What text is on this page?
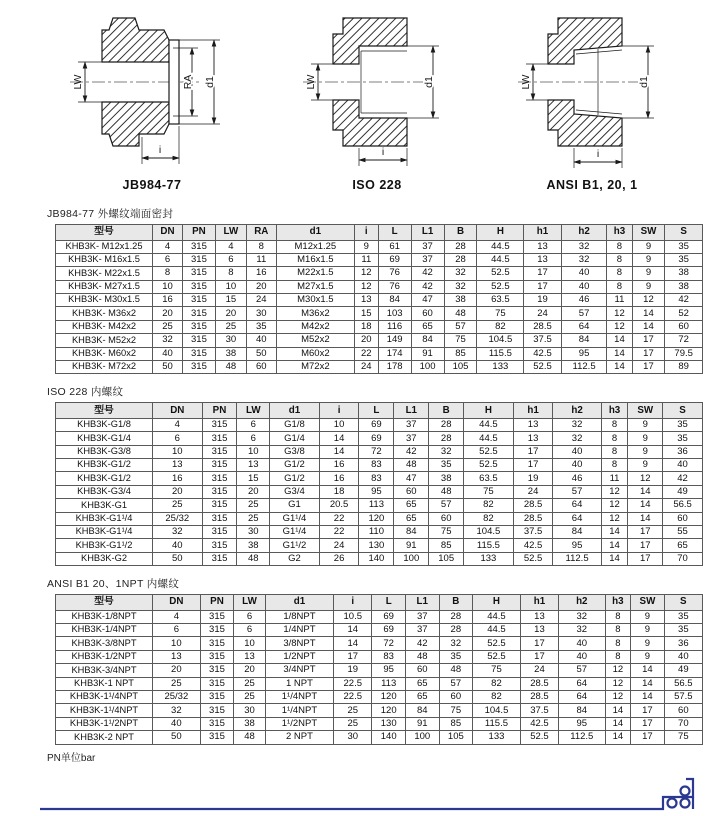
LW	RA d1
i
JB984-77
LW	d1
i
ISO 228
LW	d1
i
ANSI B1, 20, 1
JB984-77 外螺纹端面密封
型号	DN	PN	LW	RA	d1	i	L	L1	B	H	h1	h2	h3	SW	S
KHB3K- M12x1.25	4	315	4	8	M12x1.25	9	61	37	28	44.5	13	32	8	9	35
KHB3K- M16x1.5	6	315	6	11	M16x1.5	11	69	37	28	44.5	13	32	8	9	35
KHB3K- M22x1.5	8	315	8	16	M22x1.5	12	76	42	32	52.5	17	40	8	9	38
KHB3K- M27x1.5	10	315	10	20	M27x1.5	12	76	42	32	52.5	17	40	8	9	38
KHB3K- M30x1.5	16	315	15	24	M30x1.5	13	84	47	38	63.5	19	46	11	12	42
KHB3K- M36x2	20	315	20	30	M36x2	15	103	60	48	75	24	57	12	14	52
KHB3K- M42x2	25	315	25	35	M42x2	18	116	65	57	82	28.5	64	12	14	60
KHB3K- M52x2	32	315	30	40	M52x2	20	149	84	75	104.5	37.5	84	14	17	72
KHB3K- M60x2	40	315	38	50	M60x2	22	174	91	85	115.5	42.5	95	14	17	79.5
KHB3K- M72x2	50	315	48	60	M72x2	24	178	100	105	133	52.5	112.5	14	17	89
ISO 228 内螺纹
型号	DN	PN	LW	d1	i	L	L1	B	H	h1	h2	h3	SW	S
KHB3K-G1/8	4	315	6	G1/8	10	69	37	28	44.5	13	32	8	9	35
KHB3K-G1/4	6	315	6	G1/4	14	69	37	28	44.5	13	32	8	9	35
KHB3K-G3/8	10	315	10	G3/8	14	72	42	32	52.5	17	40	8	9	36
KHB3K-G1/2	13	315	13	G1/2	16	83	48	35	52.5	17	40	8	9	40
KHB3K-G1/2	16	315	15	G1/2	16	83	47	38	63.5	19	46	11	12	42
KHB3K-G3/4	20	315	20	G3/4	18	95	60	48	75	24	57	12	14	49
KHB3K-G1	25	315	25	G1	20.5	113	65	57	82	28.5	64	12	14	56.5
KHB3K-G1¹/4	25/32	315	25	G1¹/4	22	120	65	60	82	28.5	64	12	14	60
KHB3K-G1¹/4	32	315	30	G1¹/4	22	110	84	75	104.5	37.5	84	14	17	55
KHB3K-G1¹/2	40	315	38	G1¹/2	24	130	91	85	115.5	42.5	95	14	17	65
KHB3K-G2	50	315	48	G2	26	140	100	105	133	52.5	112.5	14	17	70
ANSI B1 20、1NPT 内螺纹
型号	DN	PN	LW	d1	i	L	L1	B	H	h1	h2	h3	SW	S
KHB3K-1/8NPT	4	315	6	1/8NPT	10.5	69	37	28	44.5	13	32	8	9	35
KHB3K-1/4NPT	6	315	6	1/4NPT	14	69	37	28	44.5	13	32	8	9	35
KHB3K-3/8NPT	10	315	10	3/8NPT	14	72	42	32	52.5	17	40	8	9	36
KHB3K-1/2NPT	13	315	13	1/2NPT	17	83	48	35	52.5	17	40	8	9	40
KHB3K-3/4NPT	20	315	20	3/4NPT	19	95	60	48	75	24	57	12	14	49
KHB3K-1 NPT	25	315	25	1 NPT	22.5	113	65	57	82	28.5	64	12	14	56.5
KHB3K-1¹/4NPT	25/32	315	25	1¹/4NPT	22.5	120	65	60	82	28.5	64	12	14	57.5
KHB3K-1¹/4NPT	32	315	30	1¹/4NPT	25	120	84	75	104.5	37.5	84	14	17	60
KHB3K-1¹/2NPT	40	315	38	1¹/2NPT	25	130	91	85	115.5	42.5	95	14	17	70
KHB3K-2 NPT	50	315	48	2 NPT	30	140	100	105	133	52.5	112.5	14	17	75
PN单位bar
